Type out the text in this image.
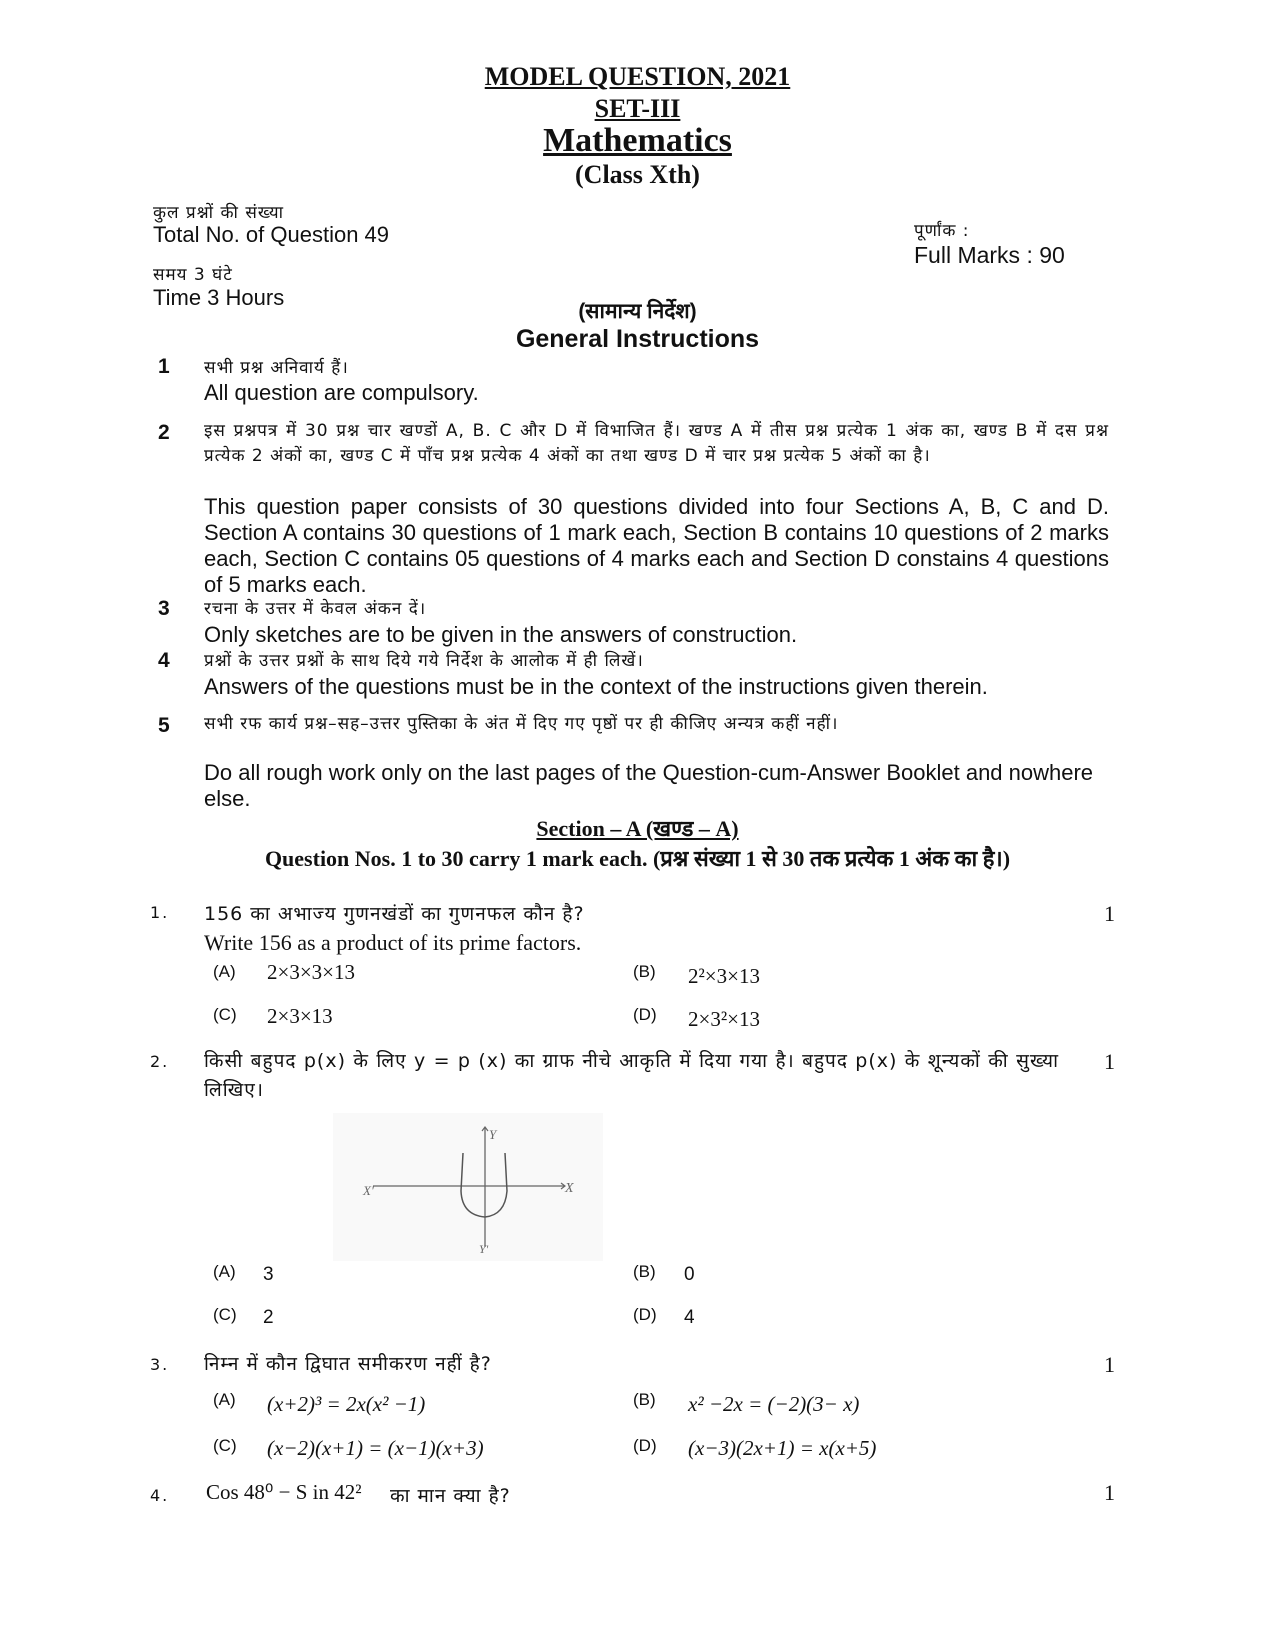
MODEL QUESTION, 2021
SET-III
Mathematics
(Class Xth)
कुल प्रश्नों की संख्या
Total No. of Question 49
समय 3 घंटे
Time 3 Hours
पूर्णांक :
Full Marks : 90
(सामान्य निर्देश)
General Instructions
1 सभी प्रश्न अनिवार्य हैं।
All question are compulsory.
2 इस प्रश्नपत्र में 30 प्रश्न चार खण्डों A, B. C और D में विभाजित हैं। खण्ड A में तीस प्रश्न प्रत्येक 1 अंक का, खण्ड B में दस प्रश्न प्रत्येक 2 अंकों का, खण्ड C में पाँच प्रश्न प्रत्येक 4 अंकों का तथा खण्ड D में चार प्रश्न प्रत्येक 5 अंकों का है।
This question paper consists of 30 questions divided into four Sections A, B, C and D. Section A contains 30 questions of 1 mark each, Section B contains 10 questions of 2 marks each, Section C contains 05 questions of 4 marks each and Section D constains 4 questions of 5 marks each.
3 रचना के उत्तर में केवल अंकन दें।
Only sketches are to be given in the answers of construction.
4 प्रश्नों के उत्तर प्रश्नों के साथ दिये गये निर्देश के आलोक में ही लिखें।
Answers of the questions must be in the context of the instructions given therein.
5 सभी रफ कार्य प्रश्न–सह–उत्तर पुस्तिका के अंत में दिए गए पृष्ठों पर ही कीजिए अन्यत्र कहीं नहीं।
Do all rough work only on the last pages of the Question-cum-Answer Booklet and nowhere else.
Section – A (खण्ड – A)
Question Nos. 1 to 30 carry 1 mark each. (प्रश्न संख्या 1 से 30 तक प्रत्येक 1 अंक का है।)
1. 156 का अभाज्य गुणनखंडों का गुणनफल कौन है?	1
Write 156 as a product of its prime factors.
(A) 2×3×3×13	(B) 2²×3×13
(C) 2×3×13	(D) 2×3²×13
2. किसी बहुपद p(x) के लिए y = p (x) का ग्राफ नीचे आकृति में दिया गया है। बहुपद p(x) के शून्यकों की सुख्या लिखिए।
1
X
X'
Y
Y'
(A) 3	(B) 0
(C) 2	(D) 4
3. निम्न में कौन द्विघात समीकरण नहीं है?	1
(A) (x+2)³ = 2x(x² −1)	(B) x² −2x = (−2)(3− x)
(C) (x−2)(x+1) = (x−1)(x+3)	(D) (x−3)(2x+1) = x(x+5)
4. Cos 48⁰ − S in 42² का मान क्या है?	1
